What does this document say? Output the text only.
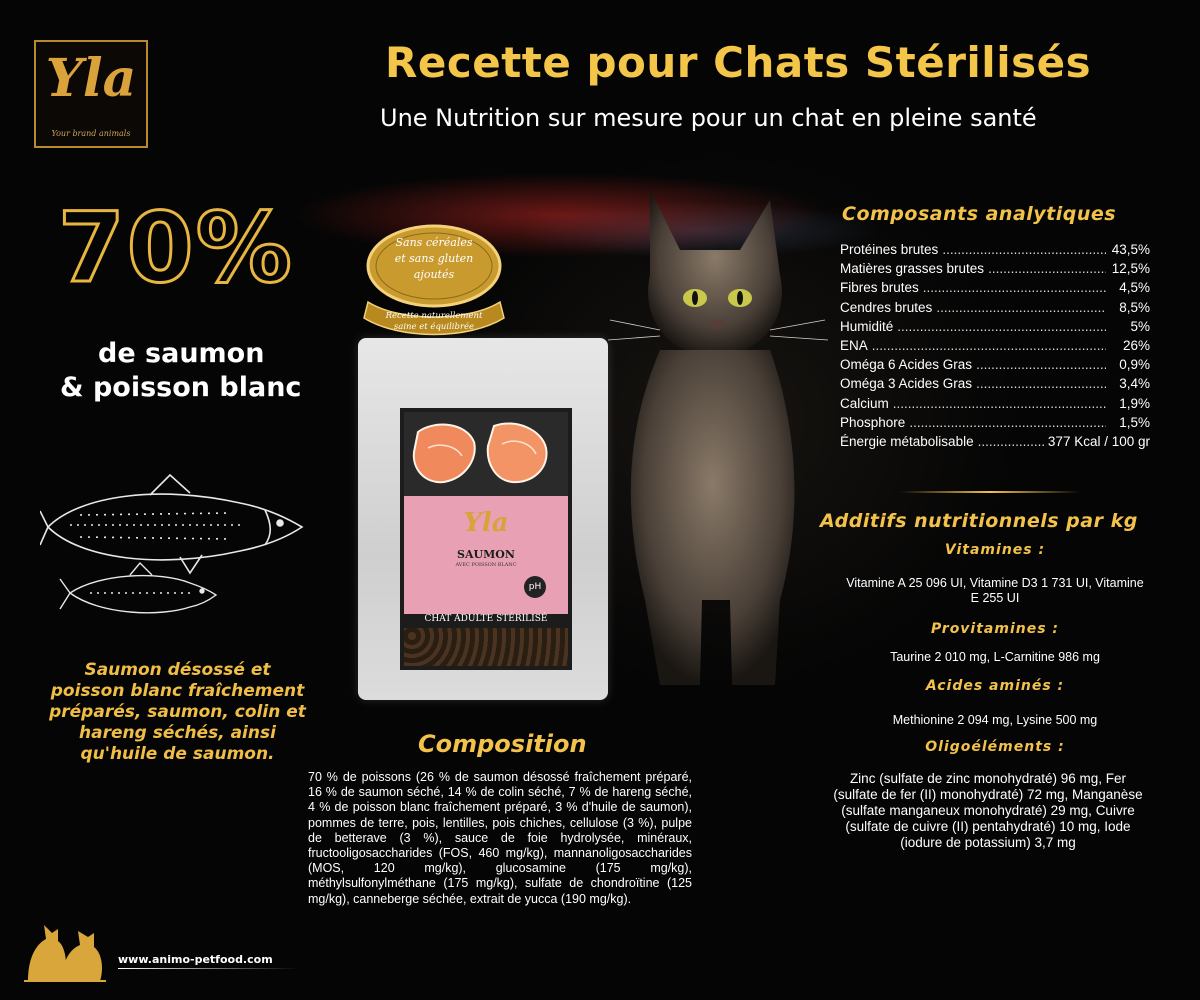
Yla
Your brand animals
Recette pour Chats Stérilisés
Une Nutrition sur mesure pour un chat en pleine santé
70%
de saumon
& poisson blanc
Saumon désossé et poisson blanc fraîchement préparés, saumon, colin et hareng séchés, ainsi qu'huile de saumon.
Sans céréales
et sans gluten
ajoutés
Recette naturellement
saine et équilibrée
Yla
SAUMON
AVEC POISSON BLANC
pH
CHAT ADULTE STÉRILISÉ
Composants analytiques
Protéines brutes .....	43,5%
Matières grasses brutes .....	12,5%
Fibres brutes .....	4,5%
Cendres brutes .....	8,5%
Humidité .....	5%
ENA .....	26%
Oméga 6 Acides Gras .....	0,9%
Oméga 3 Acides Gras .....	3,4%
Calcium .....	1,9%
Phosphore .....	1,5%
Énergie métabolisable .....	377 Kcal / 100 gr
Additifs nutritionnels par kg
Vitamines :
Vitamine A 25 096 UI, Vitamine D3 1 731 UI, Vitamine E 255 UI
Provitamines :
Taurine 2 010 mg, L-Carnitine 986 mg
Acides aminés :
Methionine 2 094 mg, Lysine 500 mg
Oligoéléments :
Zinc (sulfate de zinc monohydraté) 96 mg, Fer (sulfate de fer (II) monohydraté) 72 mg, Manganèse (sulfate manganeux monohydraté) 29 mg, Cuivre (sulfate de cuivre (II) pentahydraté) 10 mg, Iode (iodure de potassium) 3,7 mg
Composition
70 % de poissons (26 % de saumon désossé fraîchement préparé, 16 % de saumon séché, 14 % de colin séché, 7 % de hareng séché, 4 % de poisson blanc fraîchement préparé, 3 % d'huile de saumon), pommes de terre, pois, lentilles, pois chiches, cellulose (3 %), pulpe de betterave (3 %), sauce de foie hydrolysée, minéraux, fructooligosaccharides (FOS, 460 mg/kg), mannanoligosaccharides (MOS, 120 mg/kg), glucosamine (175 mg/kg), méthylsulfonylméthane (175 mg/kg), sulfate de chondroïtine (125 mg/kg), canneberge séchée, extrait de yucca (190 mg/kg).
www.animo-petfood.com
